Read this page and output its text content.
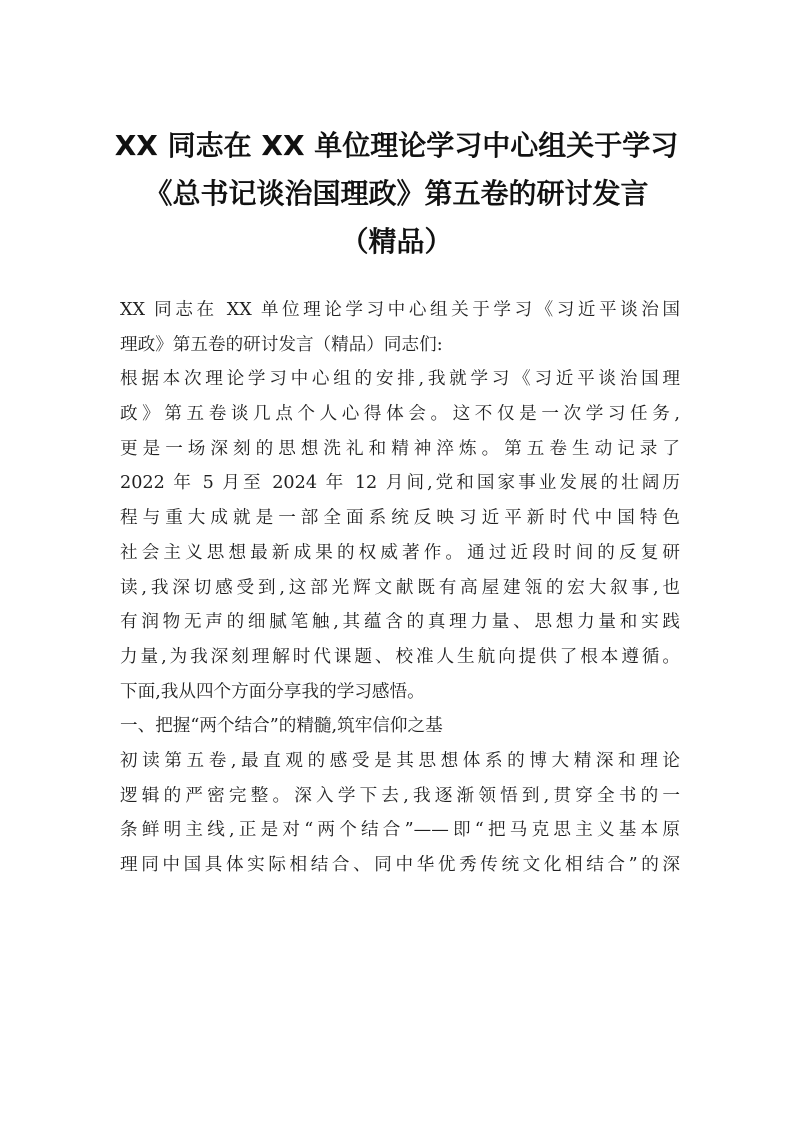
XX 同志在 XX 单位理论学习中心组关于学习
《总书记谈治国理政》第五卷的研讨发言
（精品）
XX 同志在 XX 单位理论学习中心组关于学习《习近平谈治国
理政》第五卷的研讨发言（精品）同志们:
根据本次理论学习中心组的安排,我就学习《习近平谈治国理
政》第五卷谈几点个人心得体会。这不仅是一次学习任务,
更是一场深刻的思想洗礼和精神淬炼。第五卷生动记录了
2022 年 5 月至 2024 年 12 月间,党和国家事业发展的壮阔历
程与重大成就是一部全面系统反映习近平新时代中国特色
社会主义思想最新成果的权威著作。通过近段时间的反复研
读,我深切感受到,这部光辉文献既有高屋建瓴的宏大叙事,也
有润物无声的细腻笔触,其蕴含的真理力量、思想力量和实践
力量,为我深刻理解时代课题、校准人生航向提供了根本遵循。
下面,我从四个方面分享我的学习感悟。
一、把握“两个结合”的精髓,筑牢信仰之基
初读第五卷,最直观的感受是其思想体系的博大精深和理论
逻辑的严密完整。深入学下去,我逐渐领悟到,贯穿全书的一
条鲜明主线,正是对“两个结合”——即“把马克思主义基本原
理同中国具体实际相结合、同中华优秀传统文化相结合”的深
